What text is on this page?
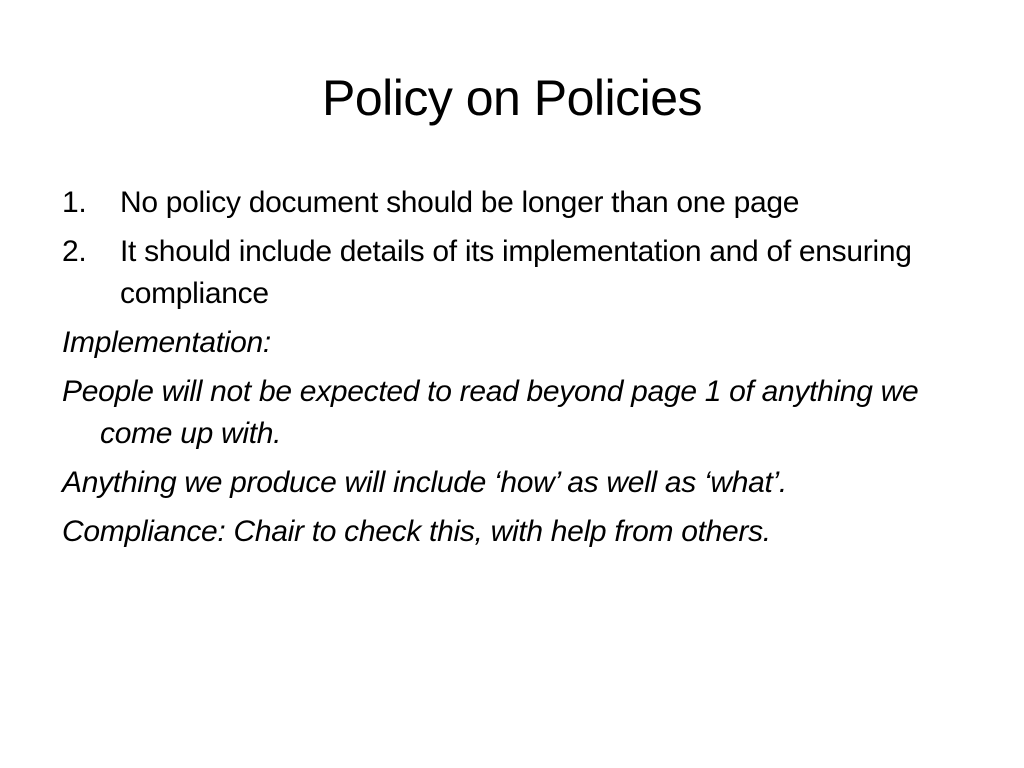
Policy on Policies
1. No policy document should be longer than one page
2. It should include details of its implementation and of ensuring compliance

Implementation:

People will not be expected to read beyond page 1 of anything we come up with.

Anything we produce will include ‘how’ as well as ‘what’.

Compliance: Chair to check this, with help from others.
